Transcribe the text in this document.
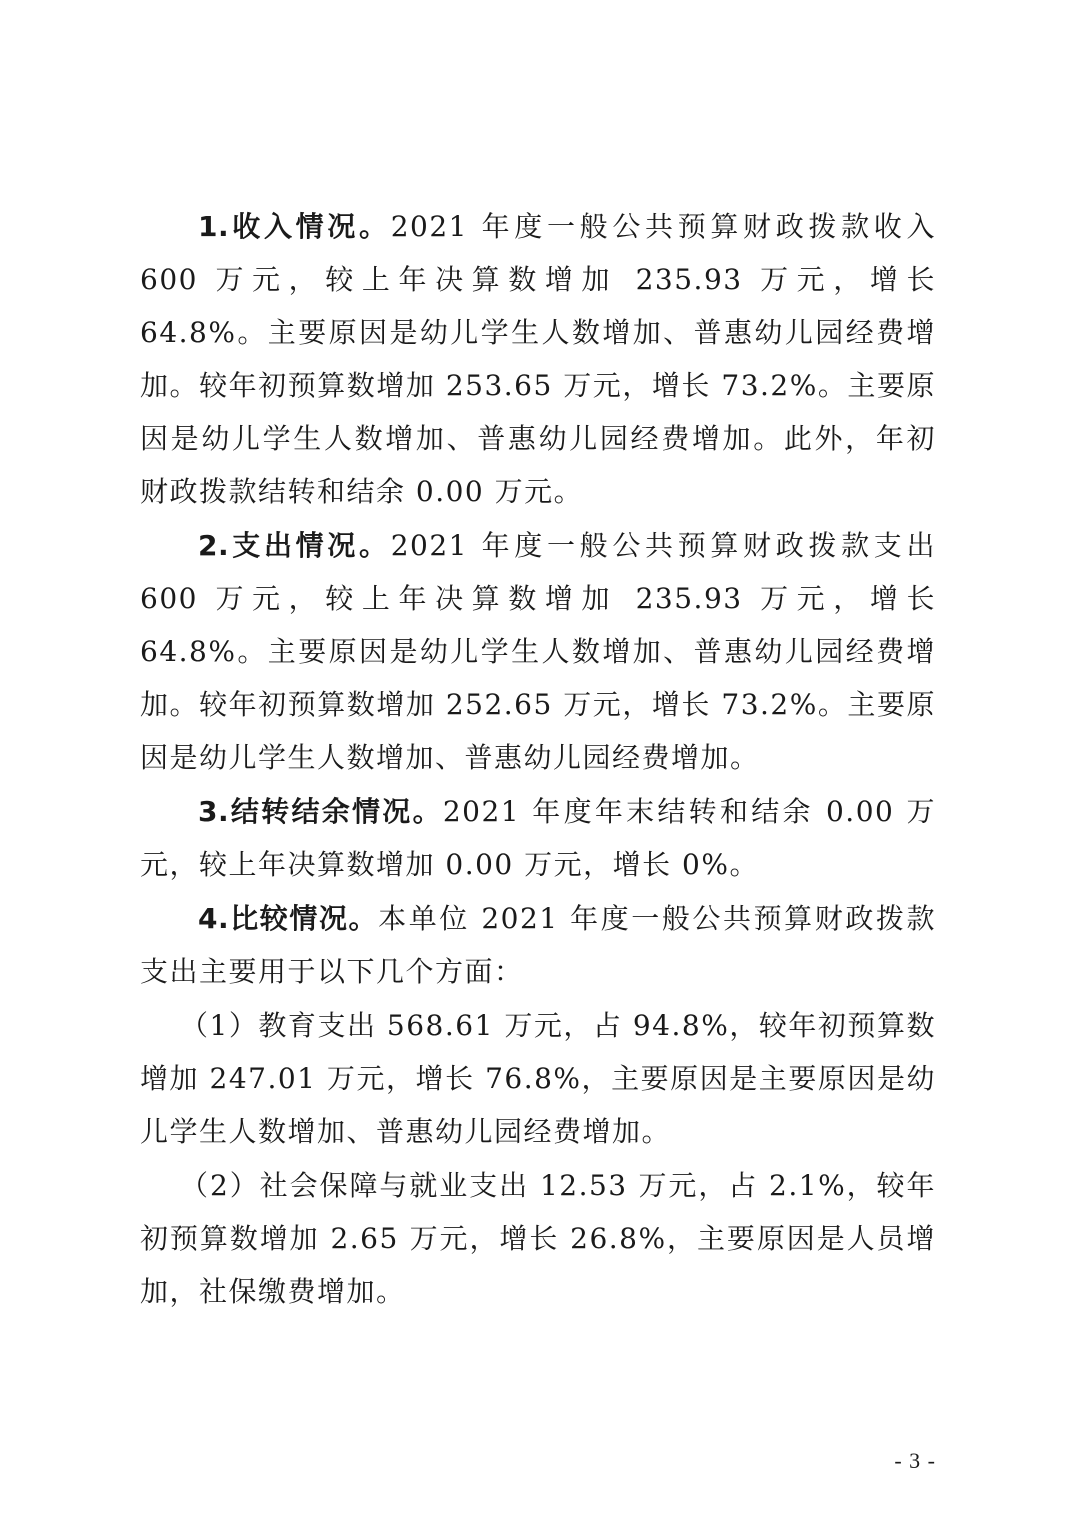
1.收入情况。2021 年度一般公共预算财政拨款收入 600 万元，较上年决算数增加 235.93 万元，增长 64.8%。主要原因是幼儿学生人数增加、普惠幼儿园经费增加。较年初预算数增加 253.65 万元，增长 73.2%。主要原因是幼儿学生人数增加、普惠幼儿园经费增加。此外，年初财政拨款结转和结余 0.00 万元。

2.支出情况。2021 年度一般公共预算财政拨款支出 600 万元，较上年决算数增加 235.93 万元，增长 64.8%。主要原因是幼儿学生人数增加、普惠幼儿园经费增加。较年初预算数增加 252.65 万元，增长 73.2%。主要原因是幼儿学生人数增加、普惠幼儿园经费增加。

3.结转结余情况。2021 年度年末结转和结余 0.00 万元，较上年决算数增加 0.00 万元，增长 0%。

4.比较情况。本单位 2021 年度一般公共预算财政拨款支出主要用于以下几个方面：

（1）教育支出 568.61 万元，占 94.8%，较年初预算数增加 247.01 万元，增长 76.8%，主要原因是主要原因是幼儿学生人数增加、普惠幼儿园经费增加。

（2）社会保障与就业支出 12.53 万元，占 2.1%，较年初预算数增加 2.65 万元，增长 26.8%，主要原因是人员增加，社保缴费增加。

- 3 -
